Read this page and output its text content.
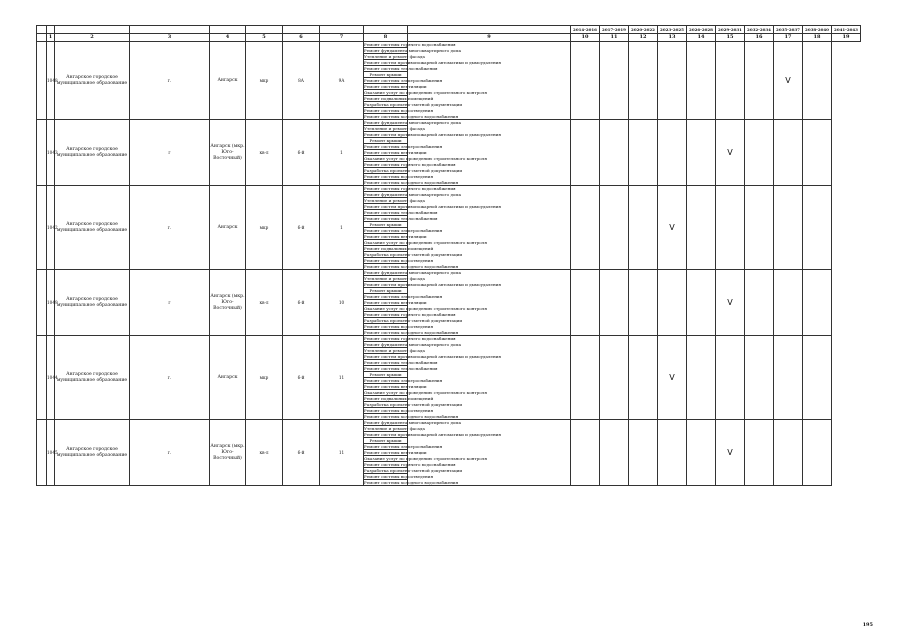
										2014-2016	2017-2019	2020-2022	2023-2025	2026-2028	2029-2031	2032-2034	2035-2037	2038-2040	2041-2043
	1	2	3	4	5	6	7	8	9	10	11	12	13	14	15	16	17	18	19
	1048	Ангарское городское муниципальное образование	г.	Ангарск	мкр	8А	9А	Ремонт системы горячего водоснабжения									V		
								Ремонт фундамента многоквартирного дома											
								Утепление и ремонт фасада											
								Ремонт систем противопожарной автоматики и дымоудаления											
								Ремонт системы теплоснабжения											
								Ремонт крыши											
								Ремонт системы электроснабжения											
								Ремонт системы вентиляции											
								Оказание услуг по проведению строительного контроля											
								Ремонт подвальных помещений											
								Разработка проектно-сметной документации											
								Ремонт системы водоотведения											
								Ремонт системы холодного водоснабжения											
	1043	Ангарское городское муниципальное образование	г	Ангарск (мкр. Юго-Восточный)	кв-л	6-й	1	Ремонт фундамента многоквартирного дома							V				
								Утепление и ремонт фасада											
								Ремонт систем противопожарной автоматики и дымоудаления											
								Ремонт крыши											
								Ремонт системы электроснабжения											
								Ремонт системы вентиляции											
								Оказание услуг по проведению строительного контроля											
								Ремонт системы горячего водоснабжения											
								Разработка проектно-сметной документации											
								Ремонт системы водоотведения											
								Ремонт системы холодного водоснабжения											
	1042	Ангарское городское муниципальное образование	г.	Ангарск	мкр	6-й	1	Ремонт системы горячего водоснабжения					V						
								Ремонт фундамента многоквартирного дома											
								Утепление и ремонт фасада											
								Ремонт систем противопожарной автоматики и дымоудаления											
								Ремонт системы теплоснабжения											
								Ремонт системы теплоснабжения											
								Ремонт крыши											
								Ремонт системы электроснабжения											
								Ремонт системы вентиляции											
								Оказание услуг по проведению строительного контроля											
								Ремонт подвальных помещений											
								Разработка проектно-сметной документации											
								Ремонт системы водоотведения											
								Ремонт системы холодного водоснабжения											
	1049	Ангарское городское муниципальное образование	г	Ангарск (мкр. Юго-Восточный)	кв-л	6-й	10	Ремонт фундамента многоквартирного дома							V				
								Утепление и ремонт фасада											
								Ремонт систем противопожарной автоматики и дымоудаления											
								Ремонт крыши											
								Ремонт системы электроснабжения											
								Ремонт системы вентиляции											
								Оказание услуг по проведению строительного контроля											
								Ремонт системы горячего водоснабжения											
								Разработка проектно-сметной документации											
								Ремонт системы водоотведения											
								Ремонт системы холодного водоснабжения											
	1044	Ангарское городское муниципальное образование	г.	Ангарск	мкр	6-й	11	Ремонт системы горячего водоснабжения					V						
								Ремонт фундамента многоквартирного дома											
								Утепление и ремонт фасада											
								Ремонт систем противопожарной автоматики и дымоудаления											
								Ремонт системы теплоснабжения											
								Ремонт системы теплоснабжения											
								Ремонт крыши											
								Ремонт системы электроснабжения											
								Ремонт системы вентиляции											
								Оказание услуг по проведению строительного контроля											
								Ремонт подвальных помещений											
								Разработка проектно-сметной документации											
								Ремонт системы водоотведения											
								Ремонт системы холодного водоснабжения											
	1045	Ангарское городское муниципальное образование	г.	Ангарск (мкр. Юго-Восточный)	кв-л	6-й	11	Ремонт фундамента многоквартирного дома							V				
								Утепление и ремонт фасада											
								Ремонт систем противопожарной автоматики и дымоудаления											
								Ремонт крыши											
								Ремонт системы электроснабжения											
								Ремонт системы вентиляции											
								Оказание услуг по проведению строительного контроля											
								Ремонт системы горячего водоснабжения											
								Разработка проектно-сметной документации											
								Ремонт системы водоотведения											
								Ремонт системы холодного водоснабжения											
195
